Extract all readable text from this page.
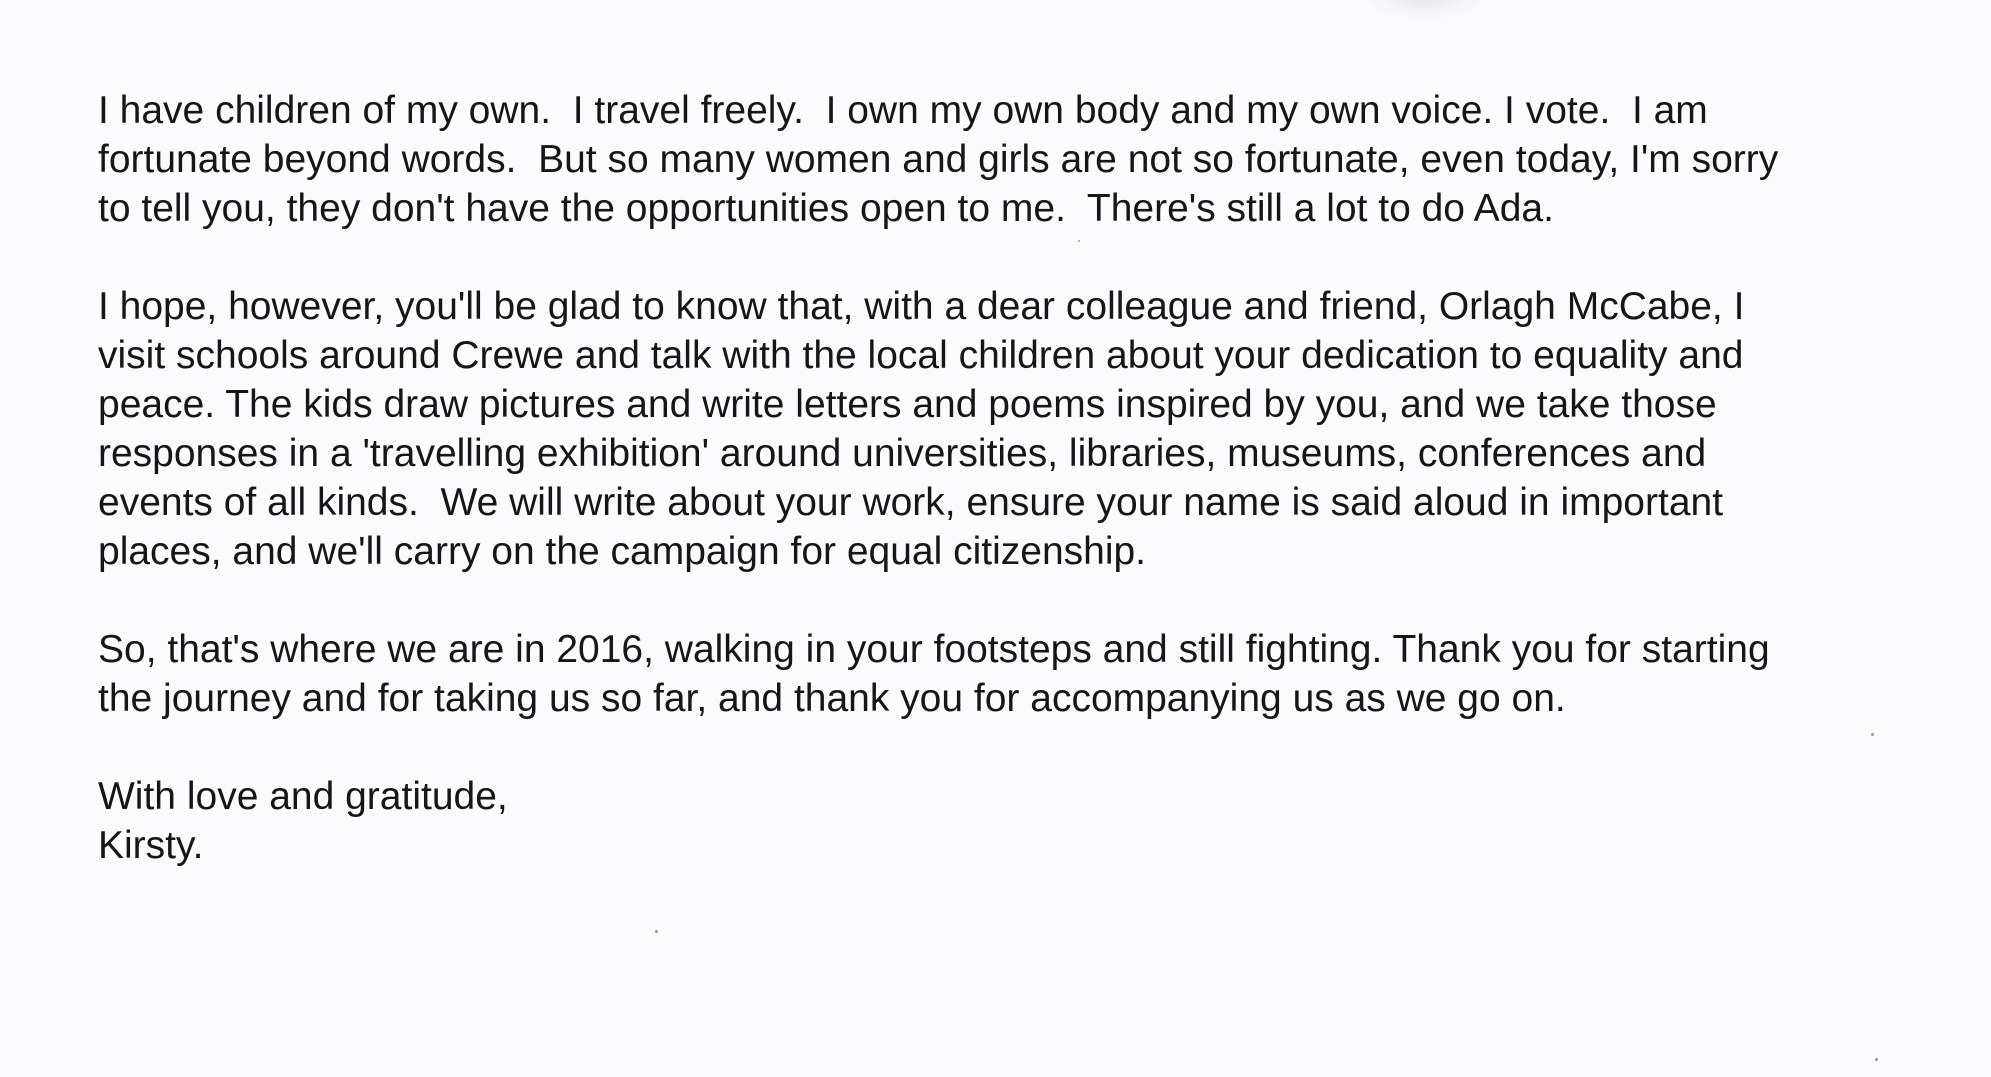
I have children of my own.  I travel freely.  I own my own body and my own voice. I vote.  I am
fortunate beyond words.  But so many women and girls are not so fortunate, even today, I'm sorry
to tell you, they don't have the opportunities open to me.  There's still a lot to do Ada.
I hope, however, you'll be glad to know that, with a dear colleague and friend, Orlagh McCabe, I
visit schools around Crewe and talk with the local children about your dedication to equality and
peace. The kids draw pictures and write letters and poems inspired by you, and we take those
responses in a 'travelling exhibition' around universities, libraries, museums, conferences and
events of all kinds.  We will write about your work, ensure your name is said aloud in important
places, and we'll carry on the campaign for equal citizenship.
So, that's where we are in 2016, walking in your footsteps and still fighting. Thank you for starting
the journey and for taking us so far, and thank you for accompanying us as we go on.
With love and gratitude,
Kirsty.
